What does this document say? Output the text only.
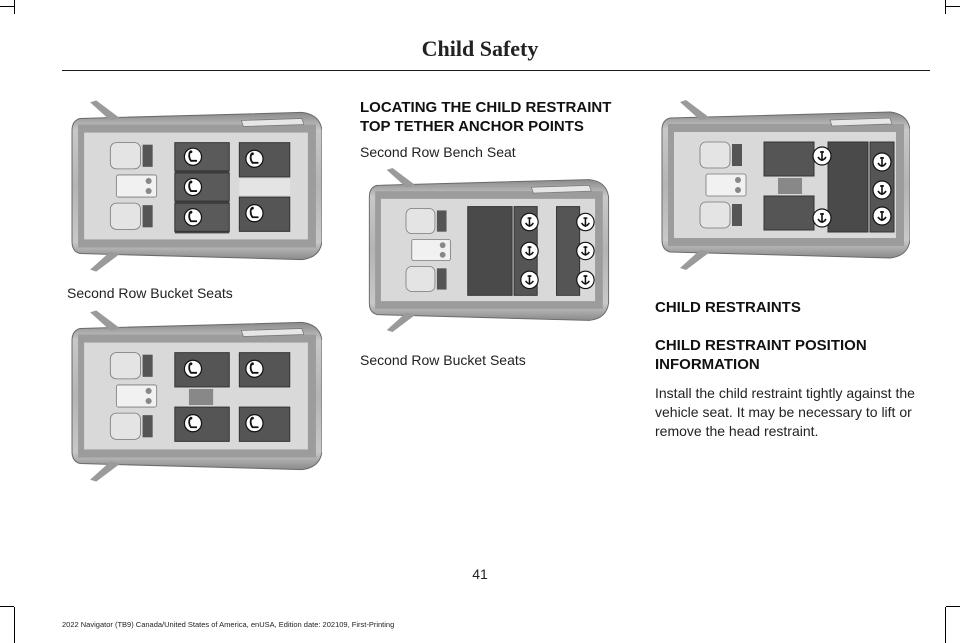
Child Safety
Second Row Bucket Seats
LOCATING THE CHILD RESTRAINT TOP TETHER ANCHOR POINTS
Second Row Bench Seat
Second Row Bucket Seats
CHILD RESTRAINTS
CHILD RESTRAINT POSITION INFORMATION
Install the child restraint tightly against the vehicle seat. It may be necessary to lift or remove the head restraint.
41
2022 Navigator (TB9) Canada/United States of America, enUSA, Edition date: 202109, First-Printing
